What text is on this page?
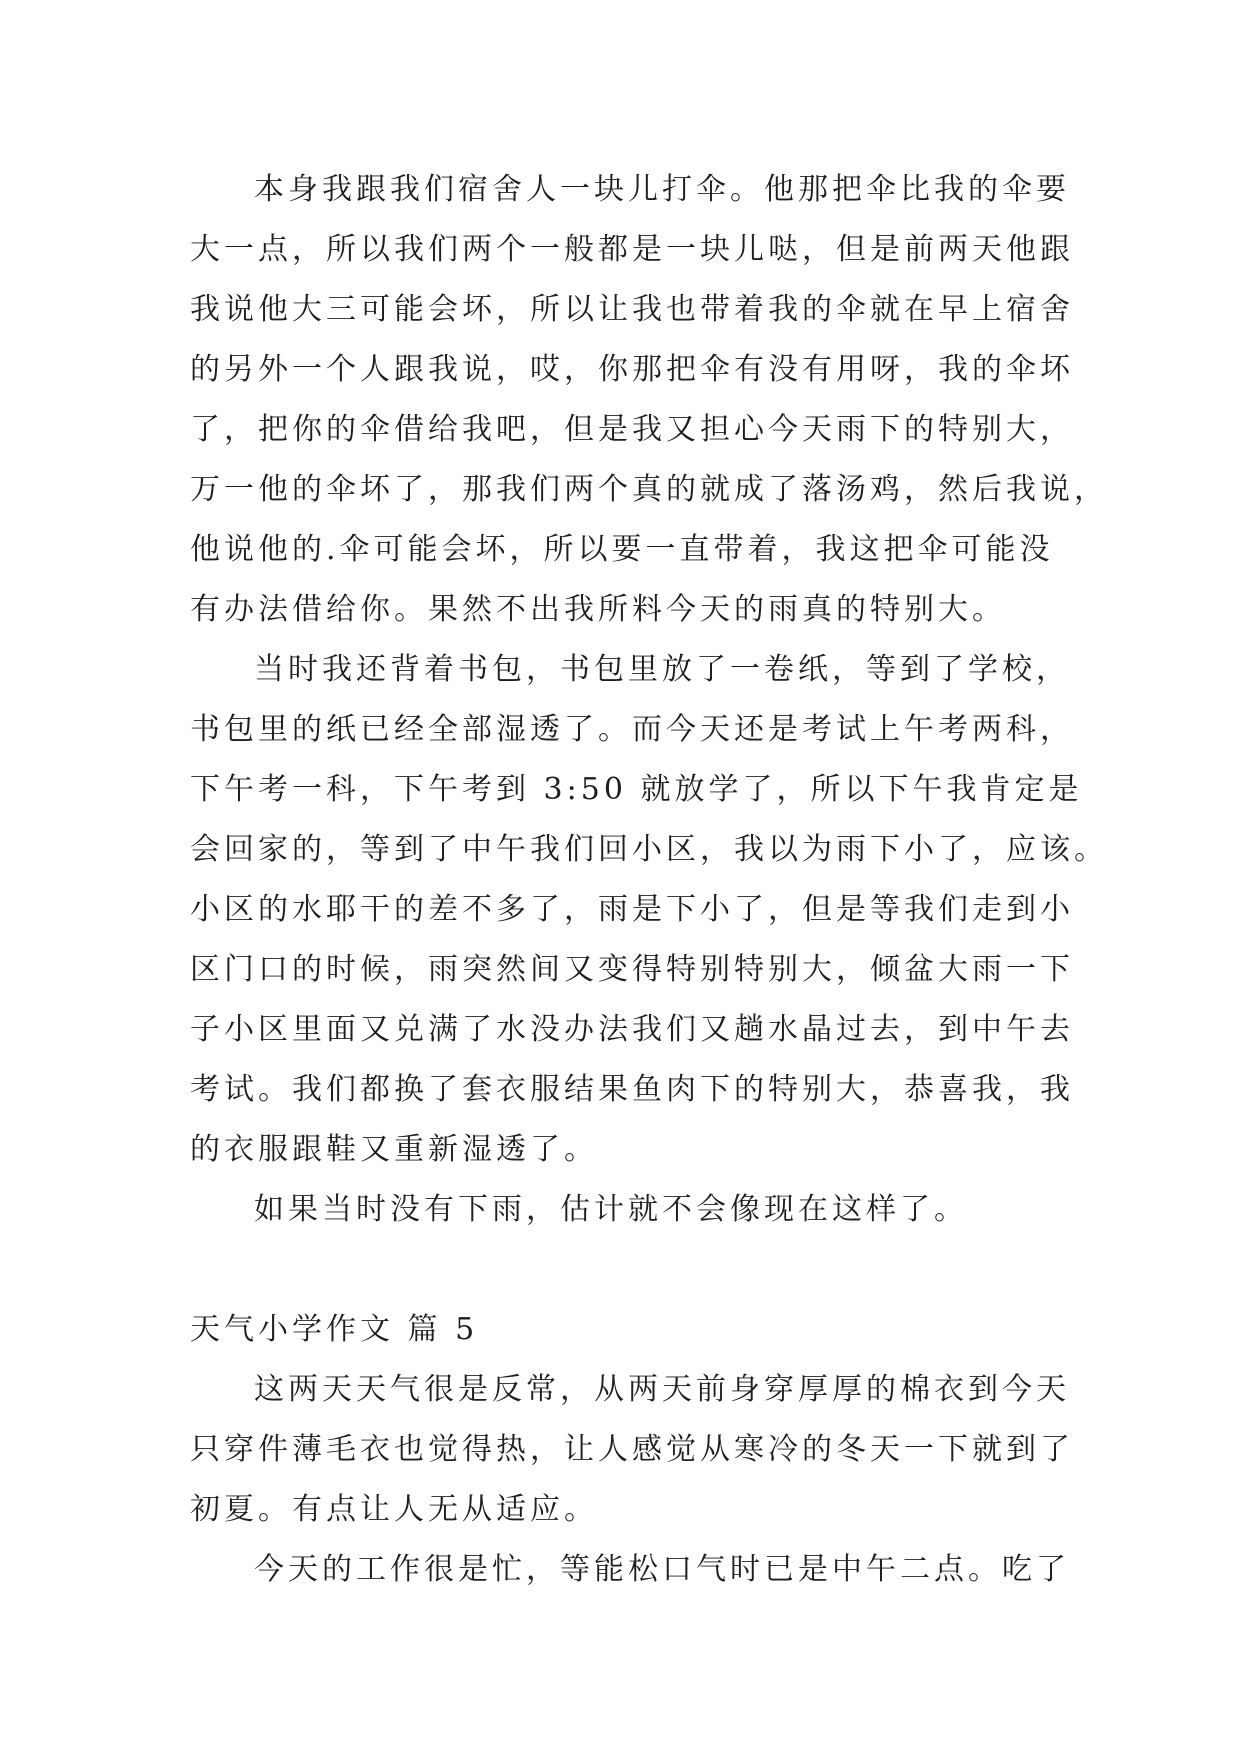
本身我跟我们宿舍人一块儿打伞。他那把伞比我的伞要
大一点，所以我们两个一般都是一块儿哒，但是前两天他跟
我说他大三可能会坏，所以让我也带着我的伞就在早上宿舍
的另外一个人跟我说，哎，你那把伞有没有用呀，我的伞坏
了，把你的伞借给我吧，但是我又担心今天雨下的特别大，
万一他的伞坏了，那我们两个真的就成了落汤鸡，然后我说，
他说他的.伞可能会坏，所以要一直带着，我这把伞可能没
有办法借给你。果然不出我所料今天的雨真的特别大。
当时我还背着书包，书包里放了一卷纸，等到了学校，
书包里的纸已经全部湿透了。而今天还是考试上午考两科，
下午考一科，下午考到 3:50 就放学了，所以下午我肯定是
会回家的，等到了中午我们回小区，我以为雨下小了，应该。
小区的水耶干的差不多了，雨是下小了，但是等我们走到小
区门口的时候，雨突然间又变得特别特别大，倾盆大雨一下
子小区里面又兑满了水没办法我们又趟水晶过去，到中午去
考试。我们都换了套衣服结果鱼肉下的特别大，恭喜我，我
的衣服跟鞋又重新湿透了。
如果当时没有下雨，估计就不会像现在这样了。
天气小学作文 篇 5
这两天天气很是反常，从两天前身穿厚厚的棉衣到今天
只穿件薄毛衣也觉得热，让人感觉从寒冷的冬天一下就到了
初夏。有点让人无从适应。
今天的工作很是忙，等能松口气时已是中午二点。吃了
